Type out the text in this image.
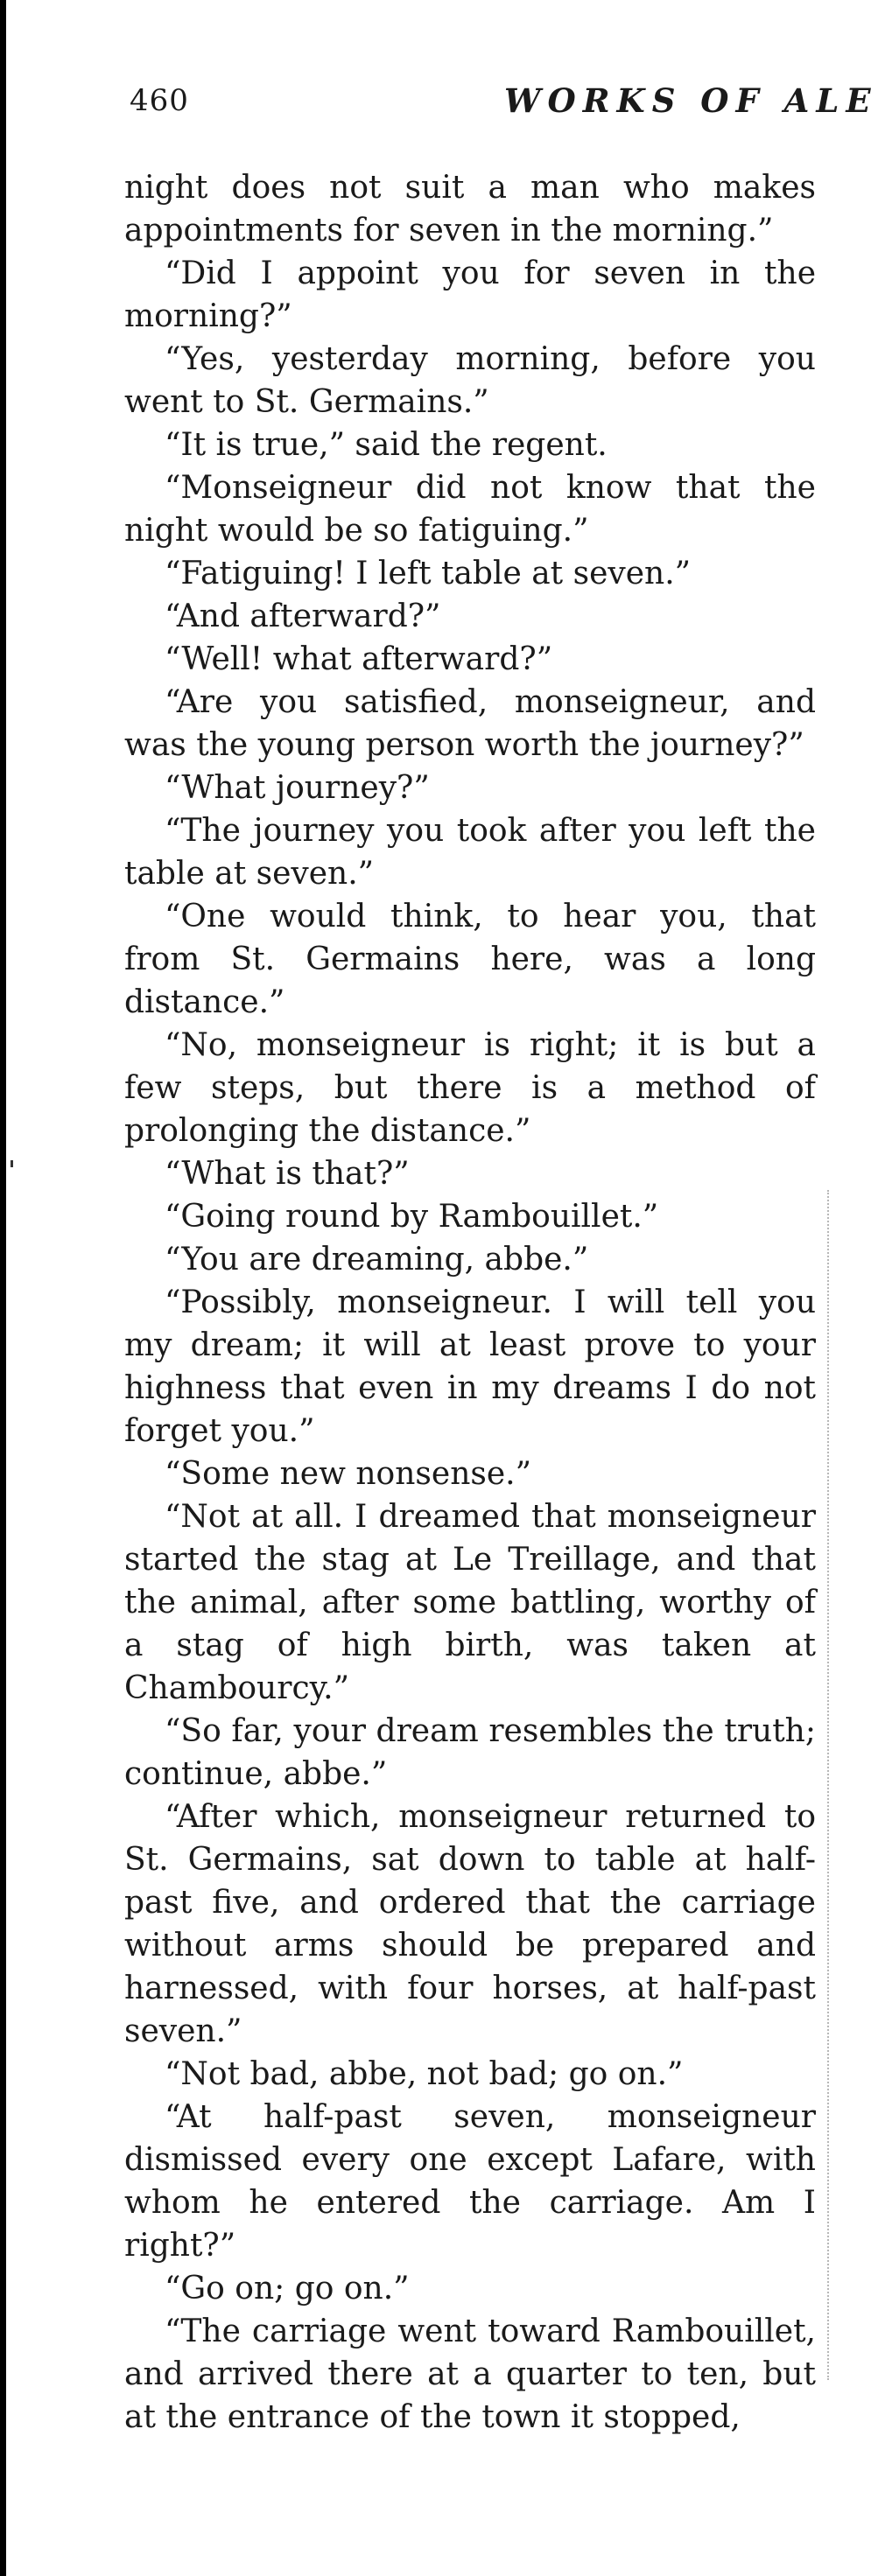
460	WORKS OF ALE

night does not suit a man who makes appointments for seven in the morning.”

“Did I appoint you for seven in the morning?”

“Yes, yesterday morning, before you went to St. Germains.”

“It is true,” said the regent.

“Monseigneur did not know that the night would be so fatiguing.”

“Fatiguing! I left table at seven.”

“And afterward?”

“Well! what afterward?”

“Are you satisfied, monseigneur, and was the young person worth the journey?”

“What journey?”

“The journey you took after you left the table at seven.”

“One would think, to hear you, that from St. Germains here, was a long distance.”

“No, monseigneur is right; it is but a few steps, but there is a method of prolonging the distance.”

“What is that?”

“Going round by Rambouillet.”

“You are dreaming, abbe.”

“Possibly, monseigneur. I will tell you my dream; it will at least prove to your highness that even in my dreams I do not forget you.”

“Some new nonsense.”

“Not at all. I dreamed that monseigneur started the stag at Le Treillage, and that the animal, after some battling, worthy of a stag of high birth, was taken at Chambourcy.”

“So far, your dream resembles the truth; continue, abbe.”

“After which, monseigneur returned to St. Germains, sat down to table at half-past five, and ordered that the carriage without arms should be prepared and harnessed, with four horses, at half-past seven.”

“Not bad, abbe, not bad; go on.”

“At half-past seven, monseigneur dismissed every one except Lafare, with whom he entered the carriage. Am I right?”

“Go on; go on.”

“The carriage went toward Rambouillet, and arrived there at a quarter to ten, but at the entrance of the town it stopped,
